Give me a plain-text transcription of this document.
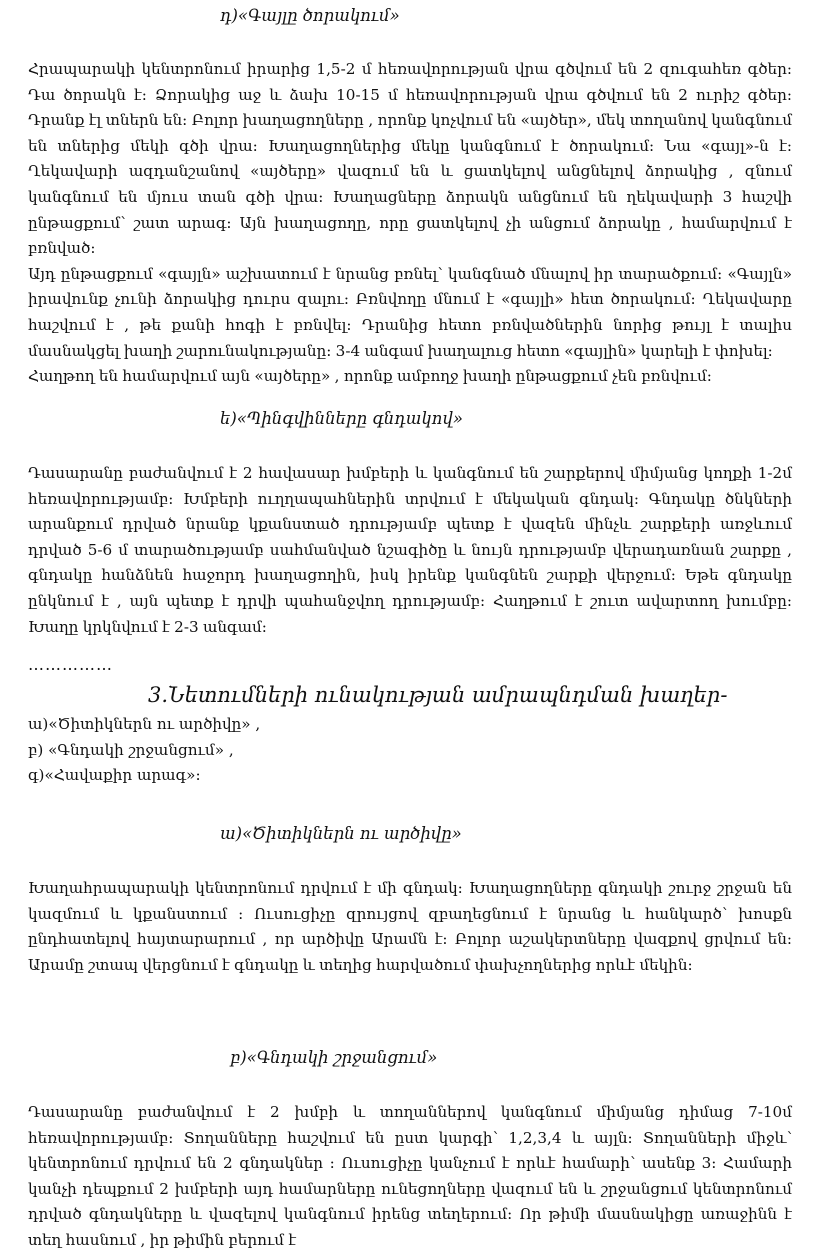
դ)«Գայլը ծորակում»

Հրապարակի կենտրոնում իրարից 1,5-2 մ հեռավորության վրա գծվում են 2 զուգահեռ գծեր: Դա ծորակն է: Ձորակից աջ և ձախ 10-15 մ հեռավորության վրա գծվում են 2 ուրիշ գծեր: Դրանք էլ տներն են: Բոլոր խաղացողները , որոնք կոչվում են «այծեր», մեկ տողանով կանգնում են տներից մեկի գծի վրա: Խաղացողներից մեկը կանգնում է ծորակում: Նա «գայլ»-ն է: Ղեկավարի ազդանշանով «այծերը» վազում են և ցատկելով անցնելով ձորակից , զնում կանգնում են մյուս տան գծի վրա: Խաղացները ձորակն անցնում են ղեկավարի 3 հաշվի ընթացքում՝ շատ արագ: Այն խաղացողը, որը ցատկելով չի անցում ձորակը , համարվում է բռնված:

Այդ ընթացքում «գայլն» աշխատում է նրանց բռնել՝ կանգնած մնալով իր տարածքում: «Գայլն» իրավունք չունի ձորակից դուրս զալու: Բռնվողը մնում է «գայլի» հետ ծորակում: Ղեկավարը հաշվում է , թե քանի հոգի է բռնվել: Դրանից հետո բռնվածներին նորից թույլ է տալիս մասնակցել խաղի շարունակությանը: 3-4 անգամ խաղալուց հետո «գայլին» կարելի է փոխել:

Հաղթող են համարվում այն «այծերը» , որոնք ամբողջ խաղի ընթացքում չեն բռնվում:

ե)«Պինգվինները գնդակով»

Դասարանը բաժանվում է 2 հավասար խմբերի և կանգնում են շարքերով միմյանց կողքի 1-2մ հեռավորությամբ: Խմբերի ուղղապահներին տրվում է մեկական գնդակ: Գնդակը ծնկների արանքում դրված նրանք կքանստած դրությամբ պետք է վազեն մինչև շարքերի առջևում դրված 5-6 մ տարածությամբ սահմանված նշագիծը և նույն դրությամբ վերադառնան շարքը , գնդակը հանձնեն հաջորդ խաղացողին, իսկ իրենք կանգնեն շարքի վերջում: Եթե գնդակը ընկնում է , այն պետք է դրվի պահանջվող դրությամբ: Հաղթում է շուտ ավարտող խումբը: Խաղը կրկնվում է 2-3 անգամ:

……………
3.Նետումների ունակության ամրապնդման խաղեր-
ա)«Ծիտիկներն ու արծիվը» ,
բ) «Գնդակի շրջանցում» ,
գ)«Հավաքիր արագ»:
ա)«Ծիտիկներն ու արծիվը»

Խաղահրապարակի կենտրոնում դրվում է մի գնդակ: Խաղացողները գնդակի շուրջ շրջան են կազմում և կքանստում : Ուսուցիչը զրույցով զբաղեցնում է նրանց և հանկարծ՝ խոսքն ընդհատելով հայտարարում , որ արծիվը Արամն է: Բոլոր աշակերտները վազքով ցրվում են: Արամը շտապ վերցնում է գնդակը և տեղից հարվածում փախչողներից որևէ մեկին:

բ)«Գնդակի շրջանցում»

Դասարանը բաժանվում է 2 խմբի և տողաններով կանգնում միմյանց դիմաց 7-10մ հեռավորությամբ: Տողանները հաշվում են ըստ կարգի՝ 1,2,3,4 և այլն: Տողանների միջև՝ կենտրոնում դրվում են 2 գնդակներ : Ուսուցիչը կանչում է որևէ համարի՝ ասենք 3: Համարի կանչի դեպքում 2 խմբերի այդ համարները ունեցողները վազում են և շրջանցում կենտրոնում դրված գնդակները և վազելով կանգնում իրենց տեղերում: Որ թիմի մասնակիցը առաջինն է տեղ հասնում , իր թիմին բերում է
